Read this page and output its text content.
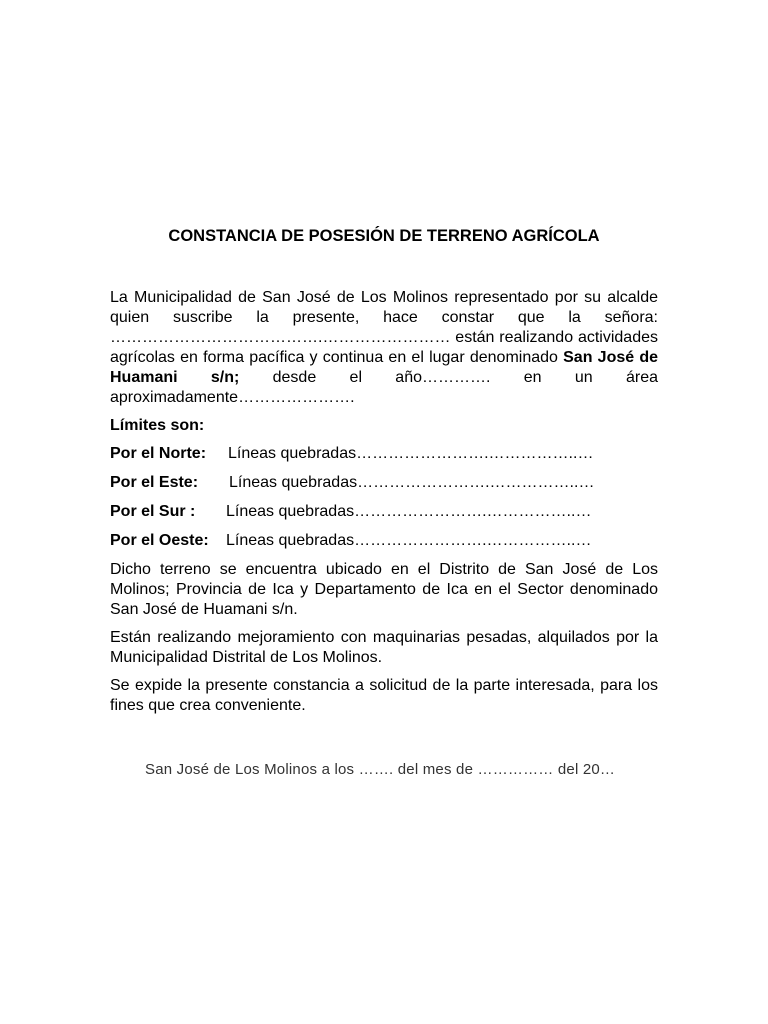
CONSTANCIA DE POSESIÓN DE TERRENO AGRÍCOLA

La Municipalidad de San José de Los Molinos representado por su alcalde quien suscribe la presente, hace constar que la señora: ………………………………….…………………… están realizando actividades agrícolas en forma pacífica y continua en el lugar denominado San José de Huamani s/n; desde el año…………. en un área aproximadamente………………….

Límites son:
Por el Norte: Líneas quebradas…………………….……………..…
Por el Este: Líneas quebradas…………………….……………..…
Por el Sur : Líneas quebradas…………………….……………..…
Por el Oeste: Líneas quebradas…………………….……………..…

Dicho terreno se encuentra ubicado en el Distrito de San José de Los Molinos; Provincia de Ica y Departamento de Ica en el Sector denominado San José de Huamani s/n.

Están realizando mejoramiento con maquinarias pesadas, alquilados por la Municipalidad Distrital de Los Molinos.

Se expide la presente constancia a solicitud de la parte interesada, para los fines que crea conveniente.

San José de Los Molinos a los ……. del mes de …………… del 20…
